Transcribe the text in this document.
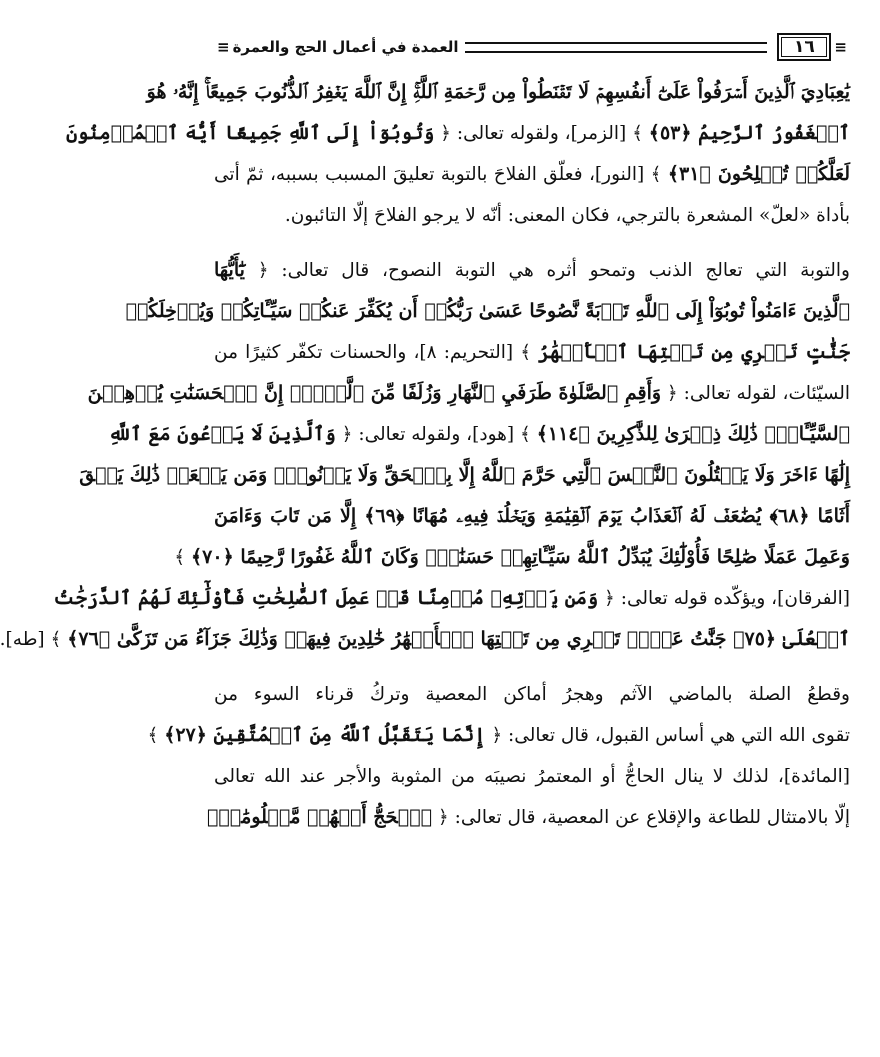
≡
١٦
العمدة في أعمال الحج والعمرة
≡
يَٰعِبَادِيَ ٱلَّذِينَ أَسۡرَفُواْ عَلَىٰٓ أَنفُسِهِمۡ لَا تَقۡنَطُواْ مِن رَّحۡمَةِ ٱللَّهِۚ إِنَّ ٱللَّهَ يَغۡفِرُ ٱلذُّنُوبَ جَمِيعًاۚ إِنَّهُۥ هُوَ
ٱلۡغَفُورُ ٱلرَّحِيمُ ﴿٥٣﴾ ﴾ [الزمر]، ولقوله تعالى: ﴿ وَتُوبُوٓاْ إِلَى ٱللَّهِ جَمِيعًا أَيُّهَ ٱلۡمُؤۡمِنُونَ
لَعَلَّكُمۡ تُفۡلِحُونَ ﴿٣١﴾ ﴾ [النور]، فعلّق الفلاحَ بالتوبة تعليقَ المسبب بسببه، ثمّ أتى
بأداة «لعلّ» المشعرة بالترجي، فكان المعنى: أنّه لا يرجو الفلاحَ إلّا التائبون.
والتوبة التي تعالج الذنب وتمحو أثره هي التوبة النصوح، قال تعالى: ﴿ يَٰٓأَيُّهَا
ٱلَّذِينَ ءَامَنُواْ تُوبُوٓاْ إِلَى ٱللَّهِ تَوۡبَةً نَّصُوحًا عَسَىٰ رَبُّكُمۡ أَن يُكَفِّرَ عَنكُمۡ سَيِّـَٔاتِكُمۡ وَيُدۡخِلَكُمۡ
جَنَّٰتٍ تَجۡرِي مِن تَحۡتِهَا ٱلۡأَنۡهَٰرُ ﴾ [التحريم: ٨]، والحسنات تكفّر كثيرًا من
السيّئات، لقوله تعالى: ﴿ وَأَقِمِ ٱلصَّلَوٰةَ طَرَفَيِ ٱلنَّهَارِ وَزُلَفًا مِّنَ ٱلَّيۡلِۚ إِنَّ ٱلۡحَسَنَٰتِ يُذۡهِبۡنَ
ٱلسَّيِّـَٔاتِۚ ذَٰلِكَ ذِكۡرَىٰ لِلذَّٰكِرِينَ ﴿١١٤﴾ ﴾ [هود]، ولقوله تعالى: ﴿ وَٱلَّذِينَ لَا يَدۡعُونَ مَعَ ٱللَّهِ
إِلَٰهًا ءَاخَرَ وَلَا يَقۡتُلُونَ ٱلنَّفۡسَ ٱلَّتِي حَرَّمَ ٱللَّهُ إِلَّا بِٱلۡحَقِّ وَلَا يَزۡنُونَۚ وَمَن يَفۡعَلۡ ذَٰلِكَ يَلۡقَ
أَثَامًا ﴿٦٨﴾ يُضَٰعَفۡ لَهُ ٱلۡعَذَابُ يَوۡمَ ٱلۡقِيَٰمَةِ وَيَخۡلُدۡ فِيهِۦ مُهَانًا ﴿٦٩﴾ إِلَّا مَن تَابَ وَءَامَنَ
وَعَمِلَ عَمَلًا صَٰلِحًا فَأُوْلَٰٓئِكَ يُبَدِّلُ ٱللَّهُ سَيِّـَٔاتِهِمۡ حَسَنَٰتٍۗ وَكَانَ ٱللَّهُ غَفُورًا رَّحِيمًا ﴿٧٠﴾ ﴾
[الفرقان]، ويؤكّده قوله تعالى: ﴿ وَمَن يَأۡتِهِۦ مُؤۡمِنًا قَدۡ عَمِلَ ٱلصَّٰلِحَٰتِ فَأُوْلَٰٓئِكَ لَهُمُ ٱلدَّرَجَٰتُ
ٱلۡعُلَىٰ ﴿٧٥﴾ جَنَّٰتُ عَدۡنٖ تَجۡرِي مِن تَحۡتِهَا ٱلۡأَنۡهَٰرُ خَٰلِدِينَ فِيهَاۚ وَذَٰلِكَ جَزَآءُ مَن تَزَكَّىٰ ﴿٧٦﴾ ﴾ [طه].
وقطعُ الصلة بالماضي الآثم وهجرُ أماكن المعصية وتركُ قرناء السوء من
تقوى الله التي هي أساس القبول، قال تعالى: ﴿ إِنَّمَا يَتَقَبَّلُ ٱللَّهُ مِنَ ٱلۡمُتَّقِينَ ﴿٢٧﴾ ﴾
[المائدة]، لذلك لا ينال الحاجُّ أو المعتمرُ نصيبَه من المثوبة والأجر عند الله تعالى
إلّا بالامتثال للطاعة والإقلاع عن المعصية، قال تعالى: ﴿ ٱلۡحَجُّ أَشۡهُرٞ مَّعۡلُومَٰتٞۚ
